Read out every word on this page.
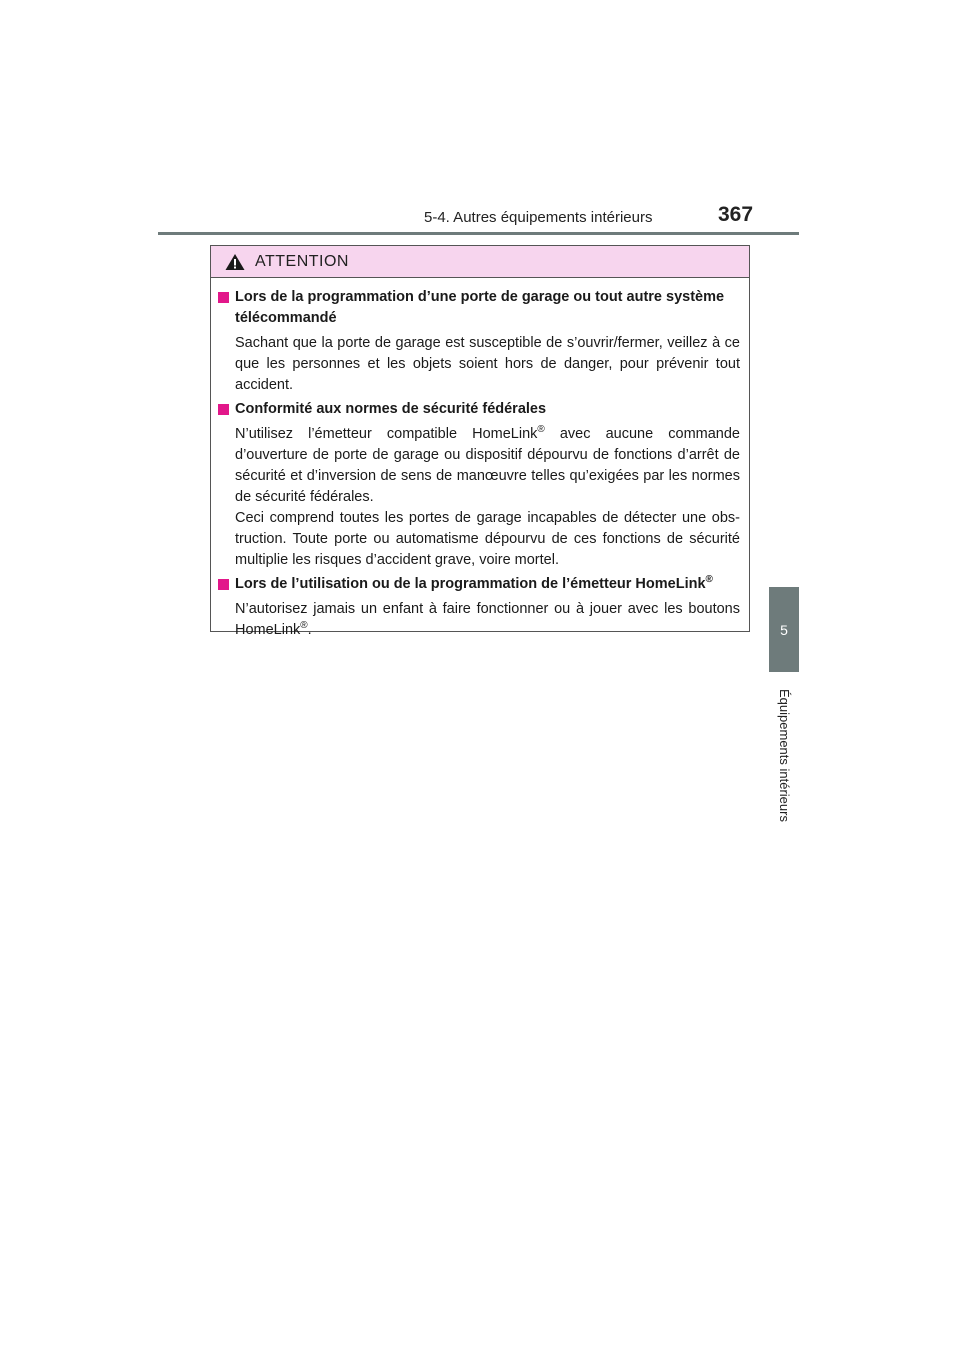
5-4. Autres équipements intérieurs	367
5
Équipements intérieurs
ATTENTION
Lors de la programmation d’une porte de garage ou tout autre système télécommandé
Sachant que la porte de garage est susceptible de s’ouvrir/fermer, veillez à ce que les personnes et les objets soient hors de danger, pour prévenir tout accident.
Conformité aux normes de sécurité fédérales
N’utilisez l’émetteur compatible HomeLink® avec aucune commande d’ouverture de porte de garage ou dispositif dépourvu de fonctions d’arrêt de sécurité et d’inversion de sens de manœuvre telles qu’exigées par les normes de sécurité fédérales.
Ceci comprend toutes les portes de garage incapables de détecter une obs-truction. Toute porte ou automatisme dépourvu de ces fonctions de sécurité multiplie les risques d’accident grave, voire mortel.
Lors de l’utilisation ou de la programmation de l’émetteur HomeLink®
N’autorisez jamais un enfant à faire fonctionner ou à jouer avec les boutons HomeLink®.
